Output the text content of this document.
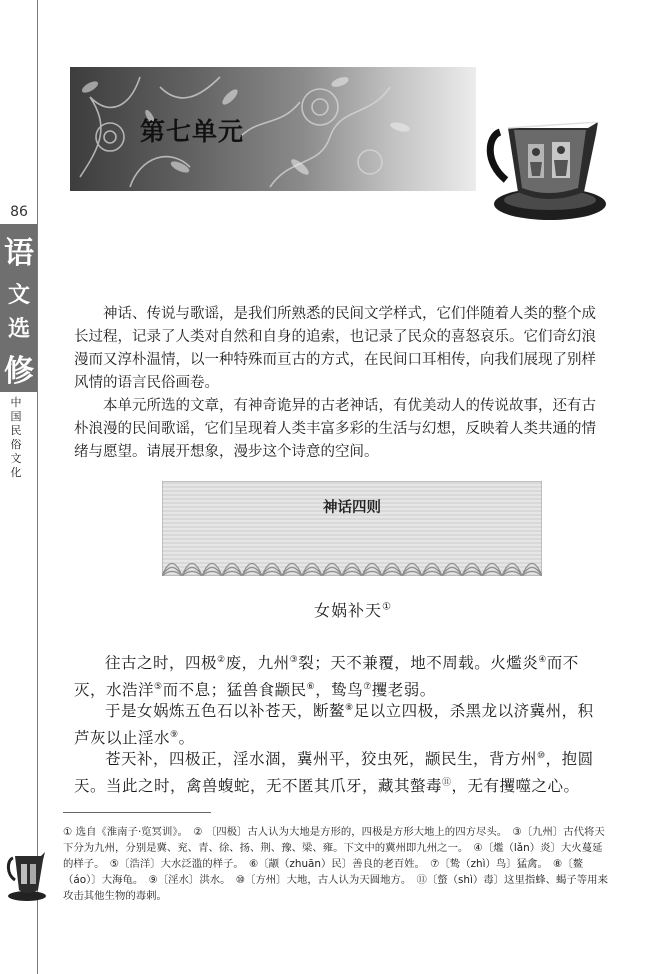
86
语
文
选
修
中
国
民
俗
文
化
第七单元

神话、传说与歌谣，是我们所熟悉的民间文学样式，它们伴随着人类的整个成长过程，记录了人类对自然和自身的追索，也记录了民众的喜怒哀乐。它们奇幻浪漫而又淳朴温情，以一种特殊而亘古的方式，在民间口耳相传，向我们展现了别样风情的语言民俗画卷。

本单元所选的文章，有神奇诡异的古老神话，有优美动人的传说故事，还有古朴浪漫的民间歌谣，它们呈现着人类丰富多彩的生活与幻想，反映着人类共通的情绪与愿望。请展开想象，漫步这个诗意的空间。

神话四则
女娲补天①

往古之时，四极②废，九州③裂；天不兼覆，地不周载。火爁炎④而不灭，水浩洋⑤而不息；猛兽食颛民⑥，鸷鸟⑦攫老弱。

于是女娲炼五色石以补苍天，断鳌⑧足以立四极，杀黑龙以济冀州，积芦灰以止淫水⑨。

苍天补，四极正，淫水涸，冀州平，狡虫死，颛民生，背方州⑩，抱圆天。当此之时，禽兽蝮蛇，无不匿其爪牙，藏其螫毒⑪，无有攫噬之心。

① 选自《淮南子·览冥训》。　② 〔四极〕古人认为大地是方形的，四极是方形大地上的四方尽头。　③〔九州〕古代将天下分为九州，分别是冀、兖、青、徐、扬、荆、豫、梁、雍。下文中的冀州即九州之一。　④〔爁（lǎn）炎〕大火蔓延的样子。　⑤〔浩洋〕大水泛滥的样子。　⑥〔颛（zhuān）民〕善良的老百姓。　⑦〔鸷（zhì）鸟〕猛禽。　⑧〔鳌（áo）〕大海龟。　⑨〔淫水〕洪水。　⑩〔方州〕大地，古人认为天圆地方。　⑪〔螫（shì）毒〕这里指蜂、蝎子等用来攻击其他生物的毒刺。
